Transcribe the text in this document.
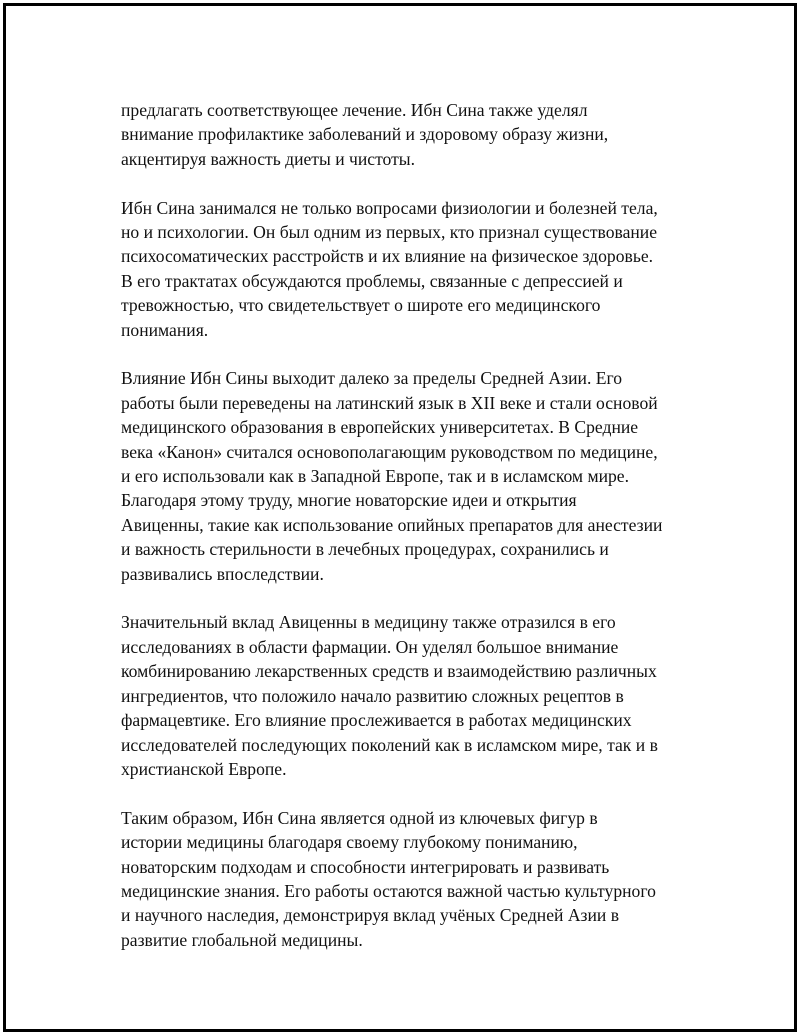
предлагать соответствующее лечение. Ибн Сина также уделял
внимание профилактике заболеваний и здоровому образу жизни,
акцентируя важность диеты и чистоты.

Ибн Сина занимался не только вопросами физиологии и болезней тела,
но и психологии. Он был одним из первых, кто признал существование
психосоматических расстройств и их влияние на физическое здоровье.
В его трактатах обсуждаются проблемы, связанные с депрессией и
тревожностью, что свидетельствует о широте его медицинского
понимания.

Влияние Ибн Сины выходит далеко за пределы Средней Азии. Его
работы были переведены на латинский язык в XII веке и стали основой
медицинского образования в европейских университетах. В Средние
века «Канон» считался основополагающим руководством по медицине,
и его использовали как в Западной Европе, так и в исламском мире.
Благодаря этому труду, многие новаторские идеи и открытия
Авиценны, такие как использование опийных препаратов для анестезии
и важность стерильности в лечебных процедурах, сохранились и
развивались впоследствии.

Значительный вклад Авиценны в медицину также отразился в его
исследованиях в области фармации. Он уделял большое внимание
комбинированию лекарственных средств и взаимодействию различных
ингредиентов, что положило начало развитию сложных рецептов в
фармацевтике. Его влияние прослеживается в работах медицинских
исследователей последующих поколений как в исламском мире, так и в
христианской Европе.

Таким образом, Ибн Сина является одной из ключевых фигур в
истории медицины благодаря своему глубокому пониманию,
новаторским подходам и способности интегрировать и развивать
медицинские знания. Его работы остаются важной частью культурного
и научного наследия, демонстрируя вклад учёных Средней Азии в
развитие глобальной медицины.
